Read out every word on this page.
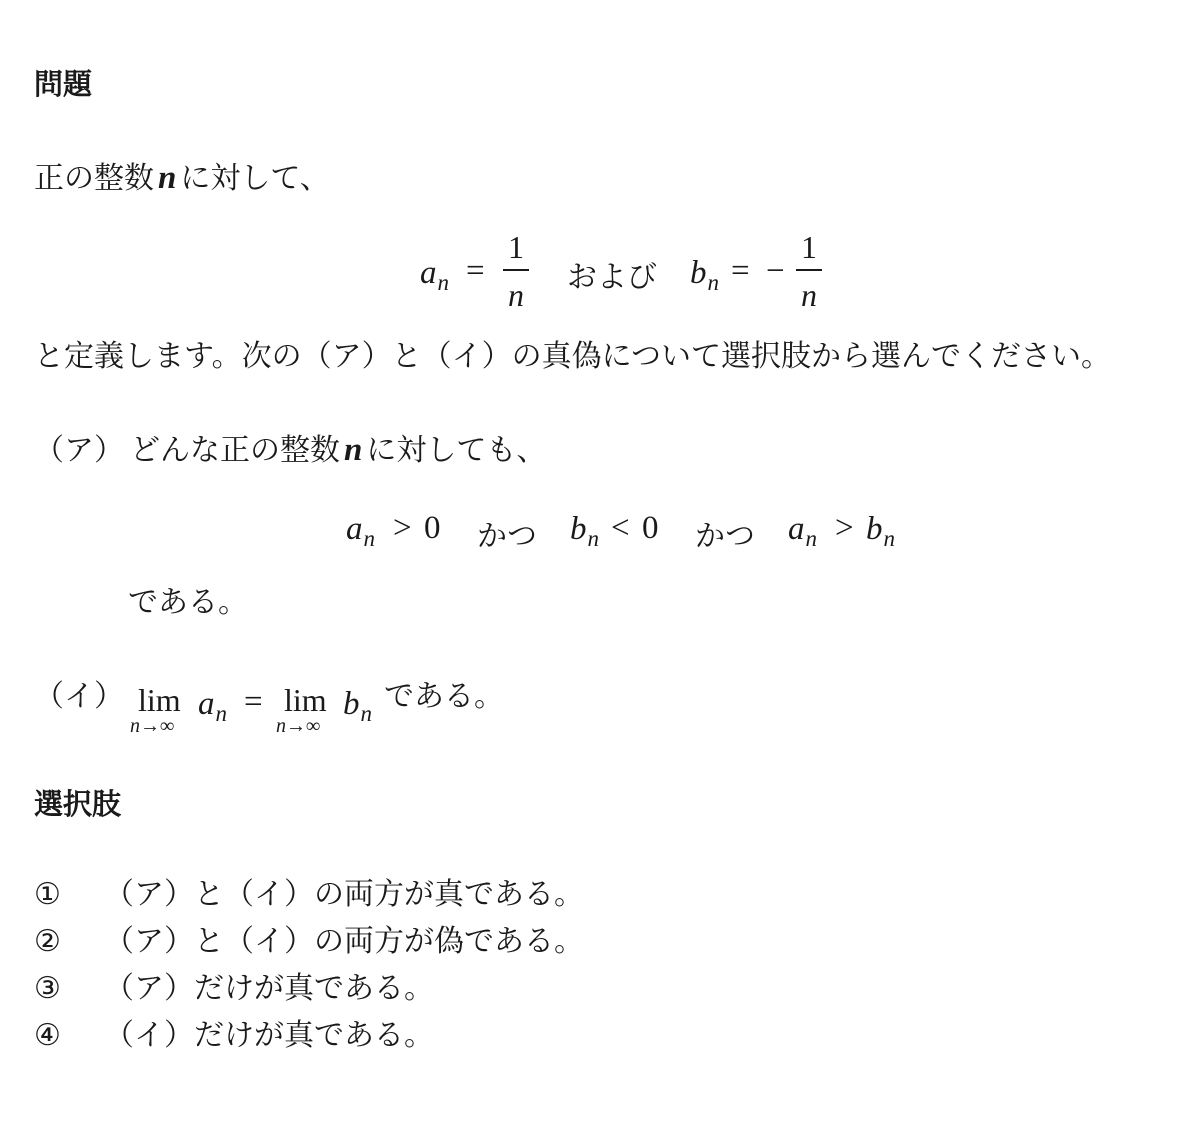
問題
正の整数 n に対して、
an =
1
n および bn = −
1
n
と定義します。次の（ア）と（イ）の真偽について選択肢から選んでください。
（ア） どんな正の整数 n に対しても、
an > 0 かつ bn < 0 かつ an > bn
である。
（イ） lim
n→∞
an = lim
n→∞
bn である。
選択肢
① （ア）と（イ）の両方が真である。
② （ア）と（イ）の両方が偽である。
③ （ア）だけが真である。
④ （イ）だけが真である。
